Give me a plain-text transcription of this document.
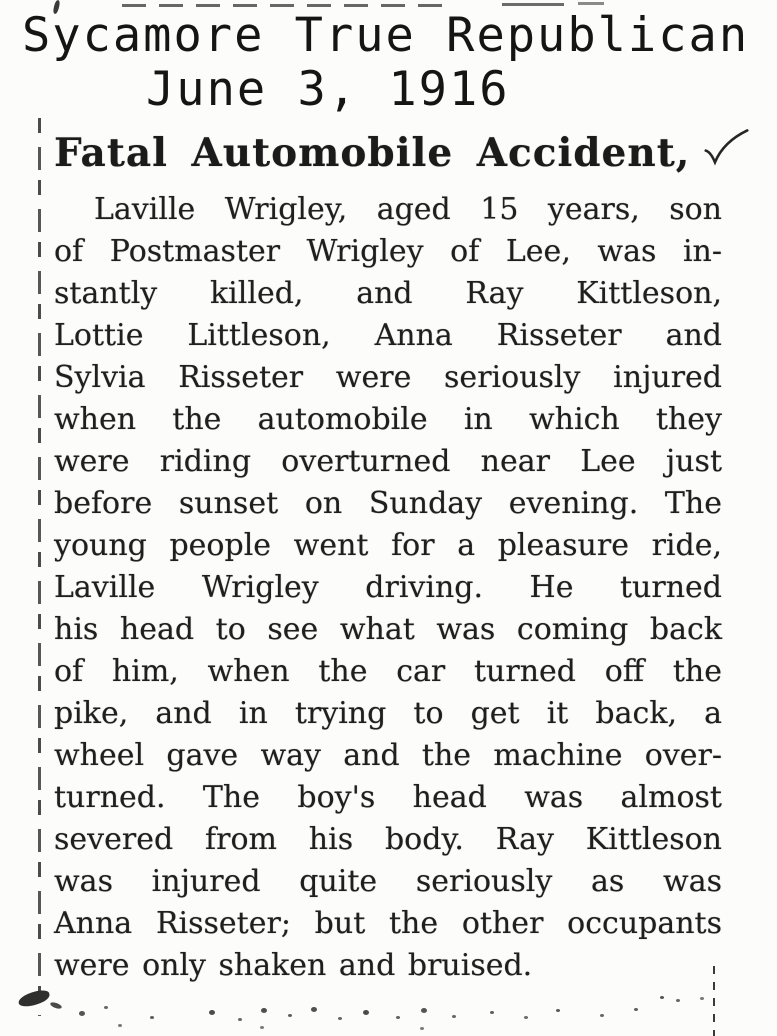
Sycamore True Republican
June 3, 1916
Fatal Automobile Accident,
Laville Wrigley, aged 15 years, son
of Postmaster Wrigley of Lee, was in-
stantly killed, and Ray Kittleson,
Lottie Littleson, Anna Risseter and
Sylvia Risseter were seriously injured
when the automobile in which they
were riding overturned near Lee just
before sunset on Sunday evening. The
young people went for a pleasure ride,
Laville Wrigley driving. He turned
his head to see what was coming back
of him, when the car turned off the
pike, and in trying to get it back, a
wheel gave way and the machine over-
turned. The boy's head was almost
severed from his body. Ray Kittleson
was injured quite seriously as was
Anna Risseter; but the other occupants
were only shaken and bruised.
